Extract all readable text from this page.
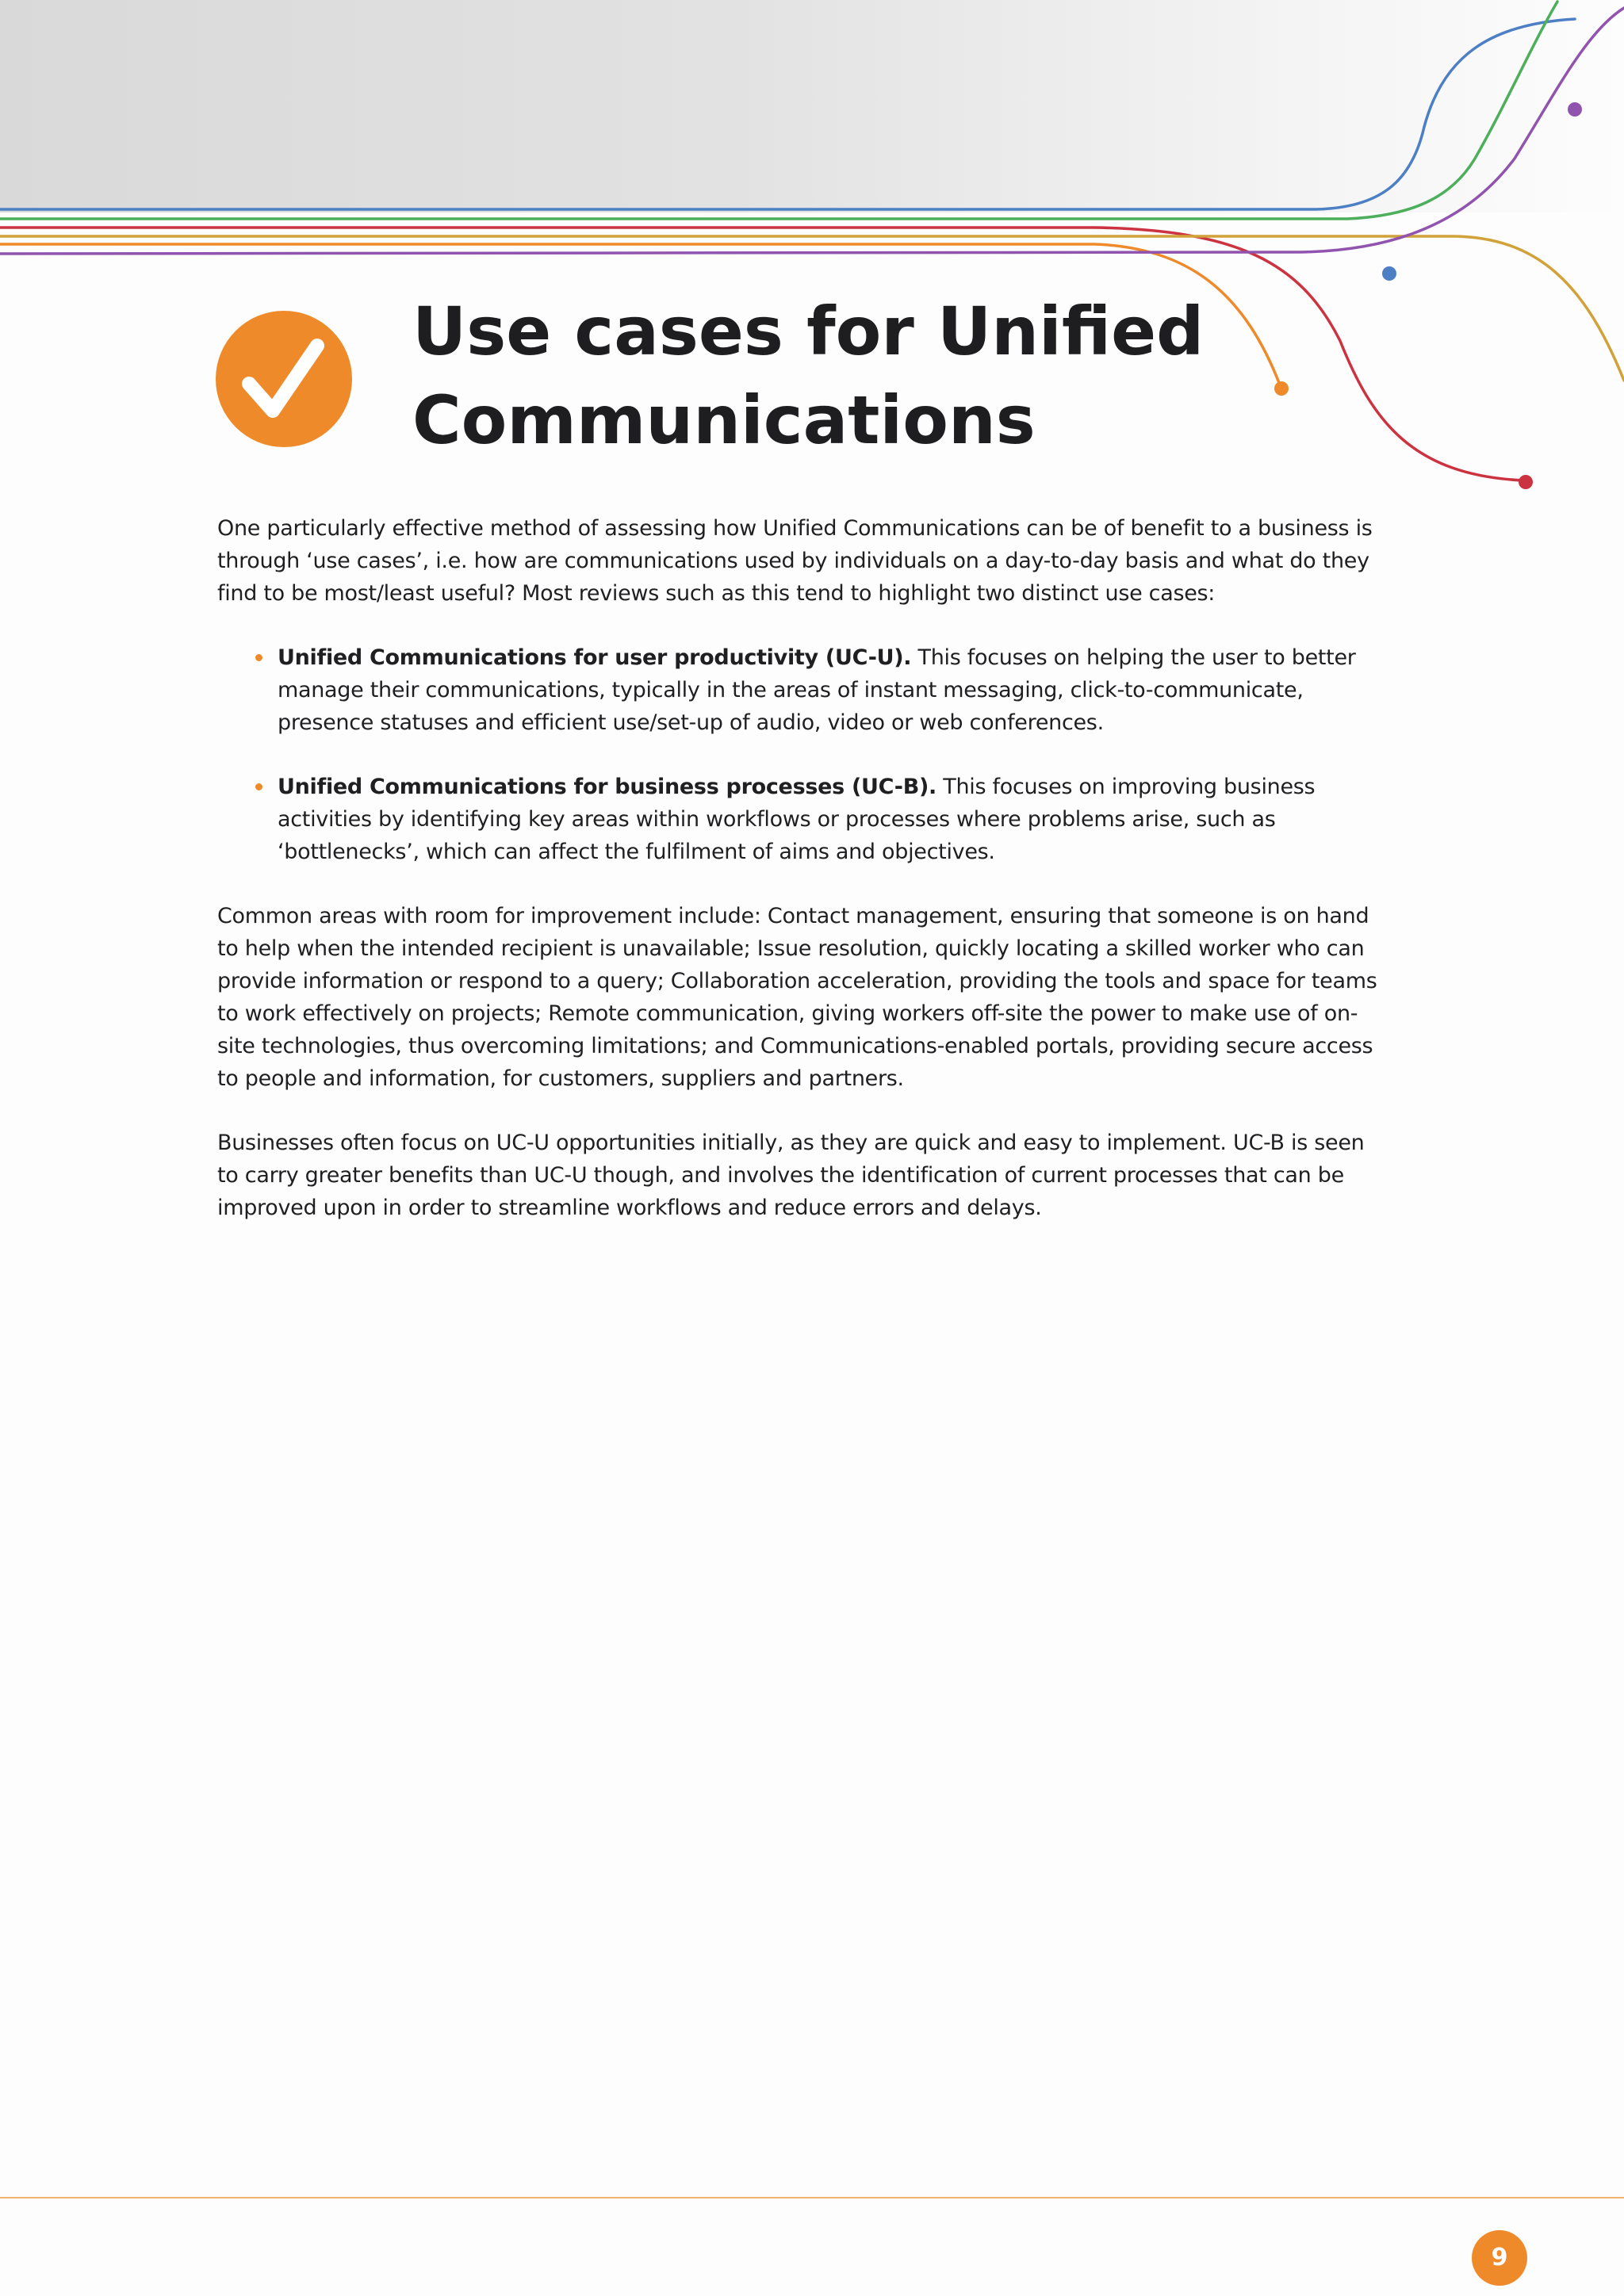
Use cases for Unified
Communications

One particularly effective method of assessing how Unified Communications can be of benefit to a business is through ‘use cases’, i.e. how are communications used by individuals on a day-to-day basis and what do they find to be most/least useful? Most reviews such as this tend to highlight two distinct use cases:

Unified Communications for user productivity (UC-U). This focuses on helping the user to better manage their communications, typically in the areas of instant messaging, click-to-communicate, presence statuses and efficient use/set-up of audio, video or web conferences.
Unified Communications for business processes (UC-B). This focuses on improving business activities by identifying key areas within workflows or processes where problems arise, such as ‘bottlenecks’, which can affect the fulfilment of aims and objectives.

Common areas with room for improvement include: Contact management, ensuring that someone is on hand to help when the intended recipient is unavailable; Issue resolution, quickly locating a skilled worker who can provide information or respond to a query; Collaboration acceleration, providing the tools and space for teams to work effectively on projects; Remote communication, giving workers off-site the power to make use of on-site technologies, thus overcoming limitations; and Communications-enabled portals, providing secure access to people and information, for customers, suppliers and partners.

Businesses often focus on UC-U opportunities initially, as they are quick and easy to implement. UC-B is seen to carry greater benefits than UC-U though, and involves the identification of current processes that can be improved upon in order to streamline workflows and reduce errors and delays.

9
